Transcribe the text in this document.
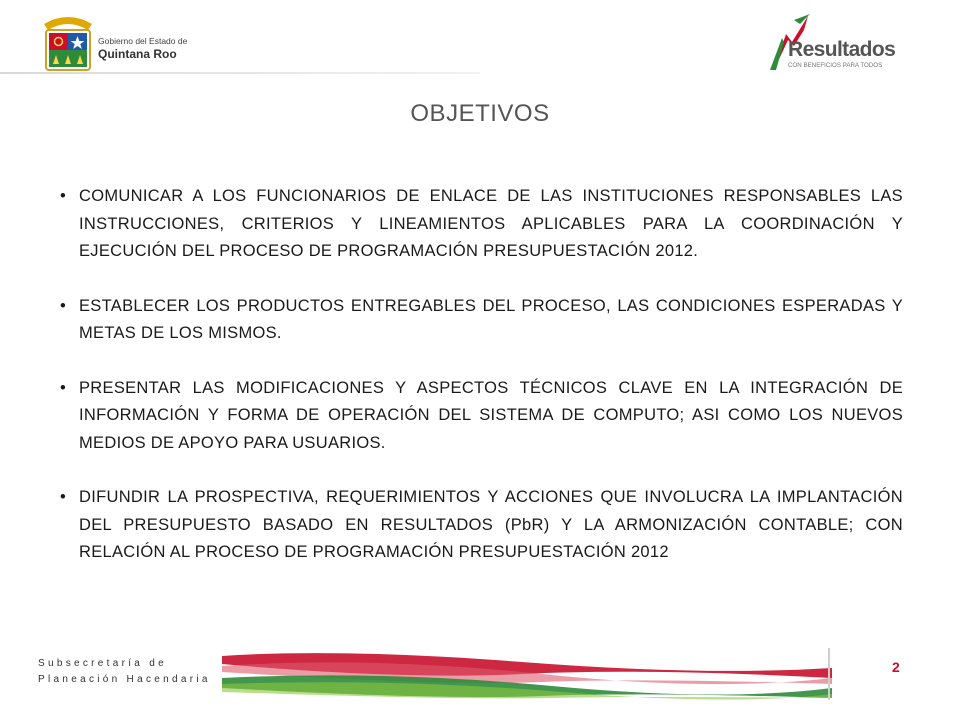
Gobierno del Estado de
Quintana Roo	Resultados
CON BENEFICIOS PARA TODOS
OBJETIVOS
• COMUNICAR A LOS FUNCIONARIOS DE ENLACE DE LAS INSTITUCIONES RESPONSABLES LAS INSTRUCCIONES, CRITERIOS Y LINEAMIENTOS APLICABLES PARA LA COORDINACIÓN Y EJECUCIÓN DEL PROCESO DE PROGRAMACIÓN PRESUPUESTACIÓN 2012.
• ESTABLECER LOS PRODUCTOS ENTREGABLES DEL PROCESO, LAS CONDICIONES ESPERADAS Y METAS DE LOS MISMOS.
• PRESENTAR LAS MODIFICACIONES Y ASPECTOS TÉCNICOS CLAVE EN LA INTEGRACIÓN DE INFORMACIÓN Y FORMA DE OPERACIÓN DEL SISTEMA DE COMPUTO; ASI COMO LOS NUEVOS MEDIOS DE APOYO PARA USUARIOS.
• DIFUNDIR LA PROSPECTIVA, REQUERIMIENTOS Y ACCIONES QUE INVOLUCRA LA IMPLANTACIÓN DEL PRESUPUESTO BASADO EN RESULTADOS (PbR) Y LA ARMONIZACIÓN CONTABLE; CON RELACIÓN AL PROCESO DE PROGRAMACIÓN PRESUPUESTACIÓN 2012
Subsecretaría de
Planeación Hacendaria
2
